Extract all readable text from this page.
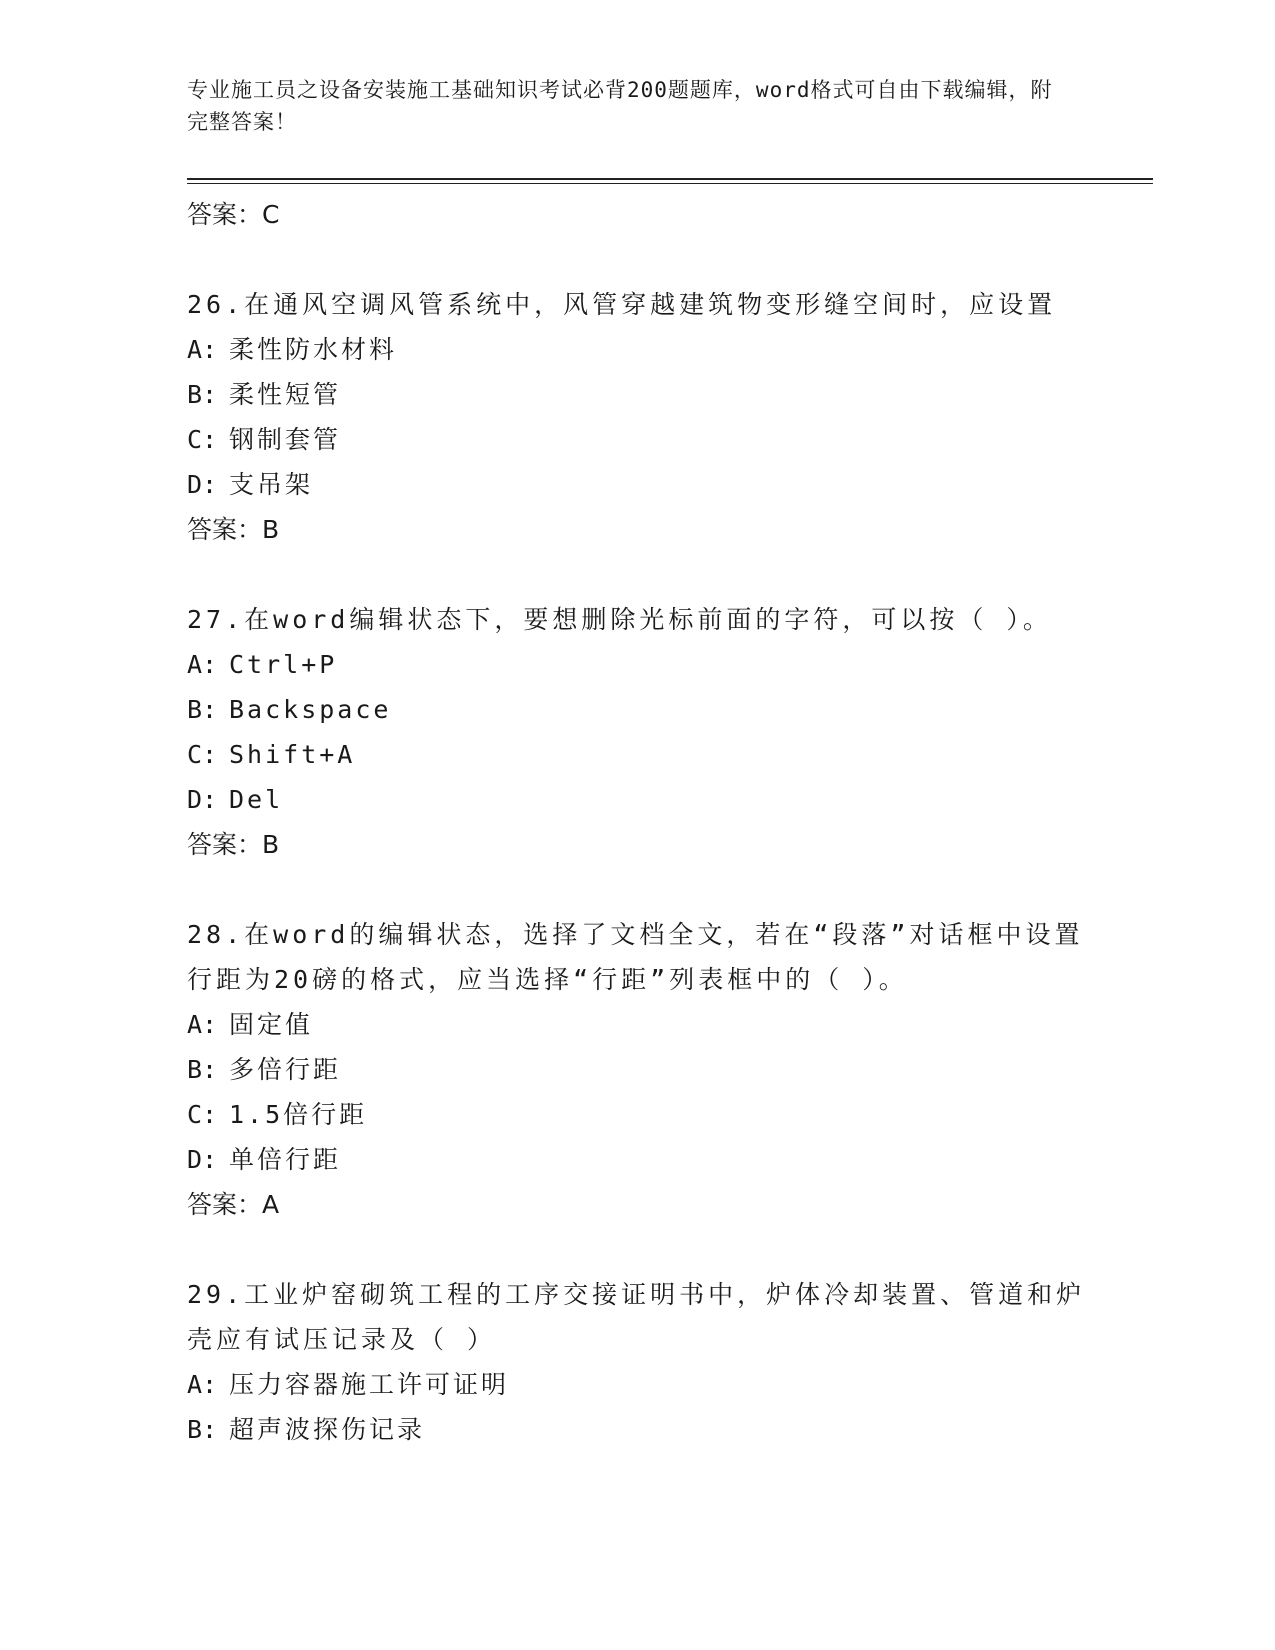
专业施工员之设备安装施工基础知识考试必背200题题库，word格式可自由下载编辑，附完整答案！
答案：C
26.在通风空调风管系统中，风管穿越建筑物变形缝空间时，应设置
A: 柔性防水材料
B: 柔性短管
C: 钢制套管
D: 支吊架
答案：B
27.在word编辑状态下，要想删除光标前面的字符，可以按（ ）。
A: Ctrl+P
B: Backspace
C: Shift+A
D: Del
答案：B
28.在word的编辑状态，选择了文档全文，若在“段落”对话框中设置行距为20磅的格式，应当选择“行距”列表框中的（ ）。
A: 固定值
B: 多倍行距
C: 1.5倍行距
D: 单倍行距
答案：A
29.工业炉窑砌筑工程的工序交接证明书中，炉体冷却装置、管道和炉壳应有试压记录及（ ）
A: 压力容器施工许可证明
B: 超声波探伤记录
